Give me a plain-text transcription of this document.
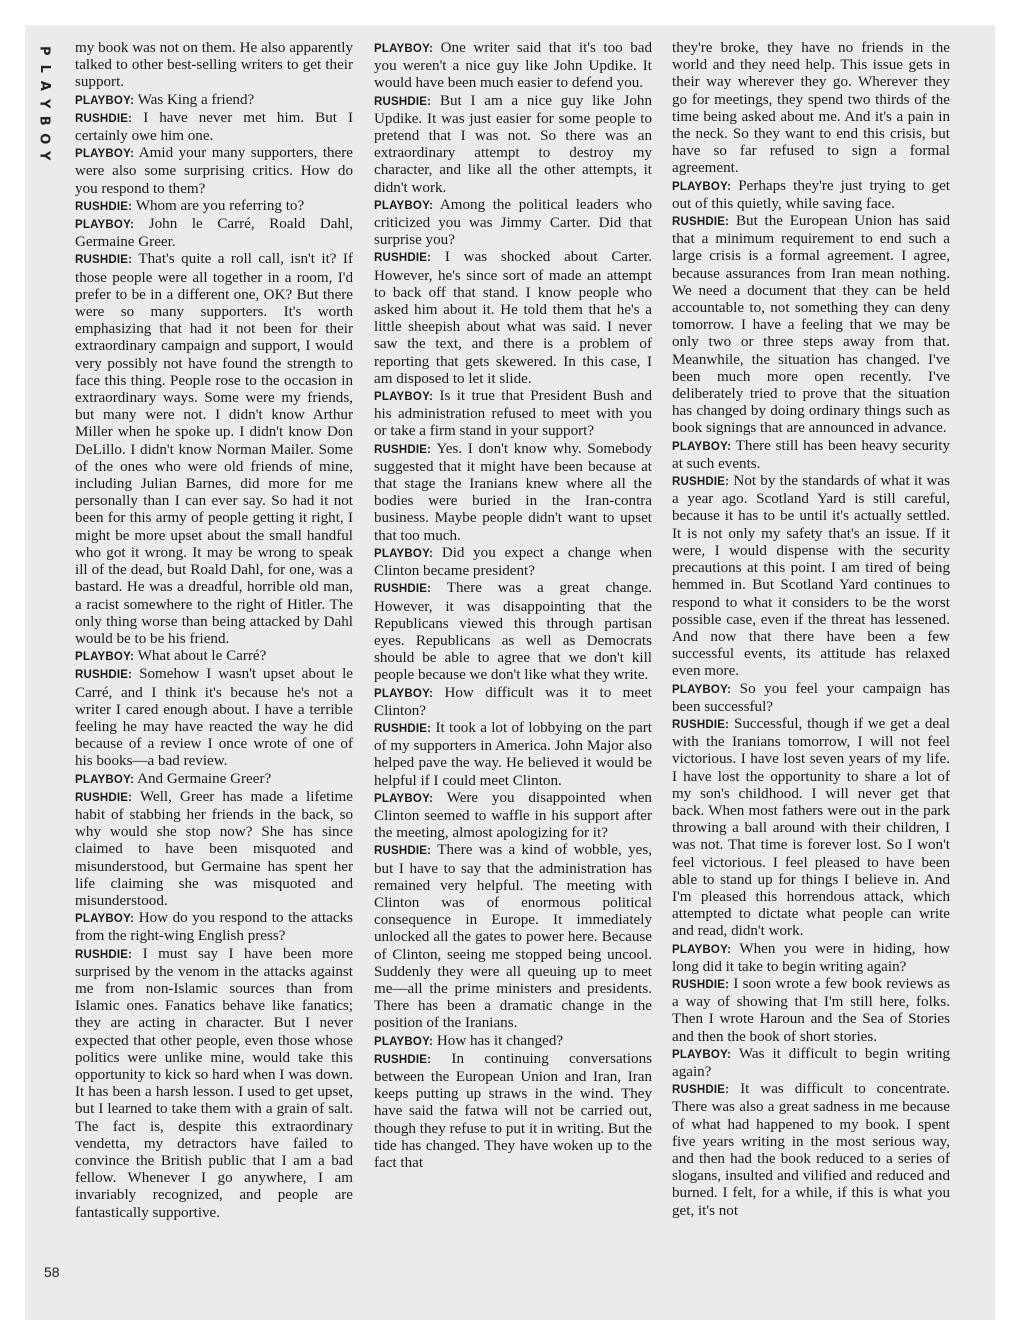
P
L
A
Y
B
O
Y

my book was not on them. He also apparently talked to other best-selling writers to get their support.

PLAYBOY: Was King a friend?

RUSHDIE: I have never met him. But I certainly owe him one.

PLAYBOY: Amid your many supporters, there were also some surprising critics. How do you respond to them?

RUSHDIE: Whom are you referring to?

PLAYBOY: John le Carré, Roald Dahl, Germaine Greer.

RUSHDIE: That's quite a roll call, isn't it? If those people were all together in a room, I'd prefer to be in a different one, OK? But there were so many supporters. It's worth emphasizing that had it not been for their extraordinary campaign and support, I would very possibly not have found the strength to face this thing. People rose to the occasion in extraordinary ways. Some were my friends, but many were not. I didn't know Arthur Miller when he spoke up. I didn't know Don DeLillo. I didn't know Norman Mailer. Some of the ones who were old friends of mine, including Julian Barnes, did more for me personally than I can ever say. So had it not been for this army of people getting it right, I might be more upset about the small handful who got it wrong. It may be wrong to speak ill of the dead, but Roald Dahl, for one, was a bastard. He was a dreadful, horrible old man, a racist somewhere to the right of Hitler. The only thing worse than being attacked by Dahl would be to be his friend.

PLAYBOY: What about le Carré?

RUSHDIE: Somehow I wasn't upset about le Carré, and I think it's because he's not a writer I cared enough about. I have a terrible feeling he may have reacted the way he did because of a review I once wrote of one of his books—a bad review.

PLAYBOY: And Germaine Greer?

RUSHDIE: Well, Greer has made a lifetime habit of stabbing her friends in the back, so why would she stop now? She has since claimed to have been misquoted and misunderstood, but Germaine has spent her life claiming she was misquoted and misunderstood.

PLAYBOY: How do you respond to the attacks from the right-wing English press?

RUSHDIE: I must say I have been more surprised by the venom in the attacks against me from non-Islamic sources than from Islamic ones. Fanatics behave like fanatics; they are acting in character. But I never expected that other people, even those whose politics were unlike mine, would take this opportunity to kick so hard when I was down. It has been a harsh lesson. I used to get upset, but I learned to take them with a grain of salt. The fact is, despite this extraordinary vendetta, my detractors have failed to convince the British public that I am a bad fellow. Whenever I go anywhere, I am invariably recognized, and people are fantastically supportive.

PLAYBOY: One writer said that it's too bad you weren't a nice guy like John Updike. It would have been much easier to defend you.

RUSHDIE: But I am a nice guy like John Updike. It was just easier for some people to pretend that I was not. So there was an extraordinary attempt to destroy my character, and like all the other attempts, it didn't work.

PLAYBOY: Among the political leaders who criticized you was Jimmy Carter. Did that surprise you?

RUSHDIE: I was shocked about Carter. However, he's since sort of made an attempt to back off that stand. I know people who asked him about it. He told them that he's a little sheepish about what was said. I never saw the text, and there is a problem of reporting that gets skewered. In this case, I am disposed to let it slide.

PLAYBOY: Is it true that President Bush and his administration refused to meet with you or take a firm stand in your support?

RUSHDIE: Yes. I don't know why. Somebody suggested that it might have been because at that stage the Iranians knew where all the bodies were buried in the Iran-contra business. Maybe people didn't want to upset that too much.

PLAYBOY: Did you expect a change when Clinton became president?

RUSHDIE: There was a great change. However, it was disappointing that the Republicans viewed this through partisan eyes. Republicans as well as Democrats should be able to agree that we don't kill people because we don't like what they write.

PLAYBOY: How difficult was it to meet Clinton?

RUSHDIE: It took a lot of lobbying on the part of my supporters in America. John Major also helped pave the way. He believed it would be helpful if I could meet Clinton.

PLAYBOY: Were you disappointed when Clinton seemed to waffle in his support after the meeting, almost apologizing for it?

RUSHDIE: There was a kind of wobble, yes, but I have to say that the administration has remained very helpful. The meeting with Clinton was of enormous political consequence in Europe. It immediately unlocked all the gates to power here. Because of Clinton, seeing me stopped being uncool. Suddenly they were all queuing up to meet me—all the prime ministers and presidents. There has been a dramatic change in the position of the Iranians.

PLAYBOY: How has it changed?

RUSHDIE: In continuing conversations between the European Union and Iran, Iran keeps putting up straws in the wind. They have said the fatwa will not be carried out, though they refuse to put it in writing. But the tide has changed. They have woken up to the fact that

they're broke, they have no friends in the world and they need help. This issue gets in their way wherever they go. Wherever they go for meetings, they spend two thirds of the time being asked about me. And it's a pain in the neck. So they want to end this crisis, but have so far refused to sign a formal agreement.

PLAYBOY: Perhaps they're just trying to get out of this quietly, while saving face.

RUSHDIE: But the European Union has said that a minimum requirement to end such a large crisis is a formal agreement. I agree, because assurances from Iran mean nothing. We need a document that they can be held accountable to, not something they can deny tomorrow. I have a feeling that we may be only two or three steps away from that. Meanwhile, the situation has changed. I've been much more open recently. I've deliberately tried to prove that the situation has changed by doing ordinary things such as book signings that are announced in advance.

PLAYBOY: There still has been heavy security at such events.

RUSHDIE: Not by the standards of what it was a year ago. Scotland Yard is still careful, because it has to be until it's actually settled. It is not only my safety that's an issue. If it were, I would dispense with the security precautions at this point. I am tired of being hemmed in. But Scotland Yard continues to respond to what it considers to be the worst possible case, even if the threat has lessened. And now that there have been a few successful events, its attitude has relaxed even more.

PLAYBOY: So you feel your campaign has been successful?

RUSHDIE: Successful, though if we get a deal with the Iranians tomorrow, I will not feel victorious. I have lost seven years of my life. I have lost the opportunity to share a lot of my son's childhood. I will never get that back. When most fathers were out in the park throwing a ball around with their children, I was not. That time is forever lost. So I won't feel victorious. I feel pleased to have been able to stand up for things I believe in. And I'm pleased this horrendous attack, which attempted to dictate what people can write and read, didn't work.

PLAYBOY: When you were in hiding, how long did it take to begin writing again?

RUSHDIE: I soon wrote a few book reviews as a way of showing that I'm still here, folks. Then I wrote Haroun and the Sea of Stories and then the book of short stories.

PLAYBOY: Was it difficult to begin writing again?

RUSHDIE: It was difficult to concentrate. There was also a great sadness in me because of what had happened to my book. I spent five years writing in the most serious way, and then had the book reduced to a series of slogans, insulted and vilified and reduced and burned. I felt, for a while, if this is what you get, it's not

58
